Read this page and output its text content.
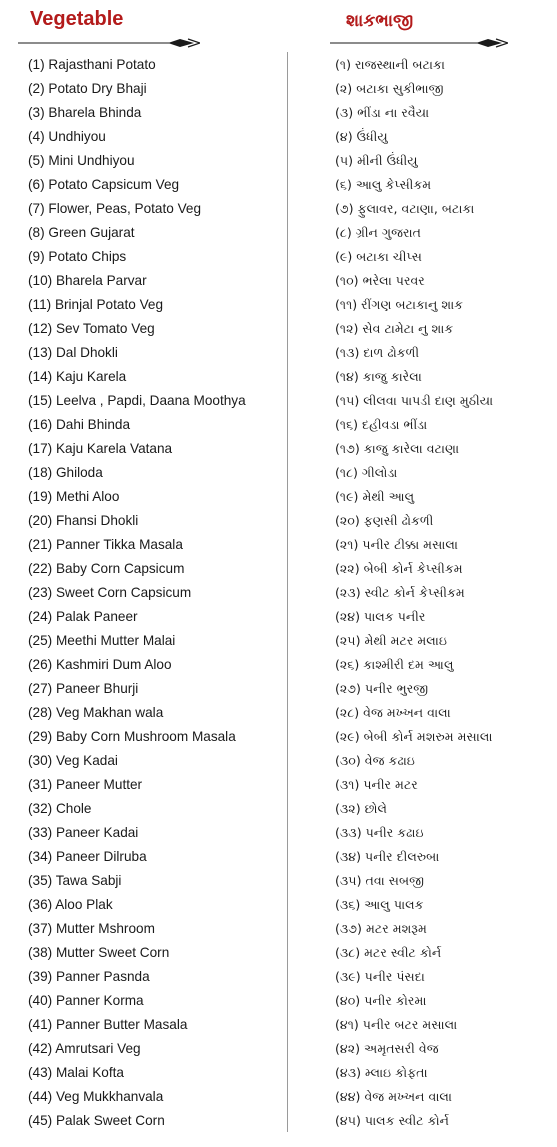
Vegetable	શાકભાજી
(1) Rajasthani Potato
(2) Potato Dry Bhaji
(3) Bharela Bhinda
(4) Undhiyou
(5) Mini Undhiyou
(6) Potato Capsicum Veg
(7) Flower, Peas, Potato Veg
(8) Green Gujarat
(9) Potato Chips
(10) Bharela Parvar
(11) Brinjal Potato Veg
(12) Sev Tomato Veg
(13) Dal Dhokli
(14) Kaju Karela
(15) Leelva , Papdi, Daana Moothya
(16) Dahi Bhinda
(17) Kaju Karela Vatana
(18) Ghiloda
(19) Methi Aloo
(20) Fhansi Dhokli
(21) Panner Tikka Masala
(22) Baby Corn Capsicum
(23) Sweet Corn Capsicum
(24) Palak Paneer
(25) Meethi Mutter Malai
(26) Kashmiri Dum Aloo
(27) Paneer Bhurji
(28) Veg Makhan wala
(29) Baby Corn Mushroom Masala
(30) Veg Kadai
(31) Paneer Mutter
(32) Chole
(33) Paneer Kadai
(34) Paneer Dilruba
(35) Tawa Sabji
(36) Aloo Plak
(37) Mutter Mshroom
(38) Mutter Sweet Corn
(39) Panner Pasnda
(40) Panner Korma
(41) Panner Butter Masala
(42) Amrutsari Veg
(43) Malai Kofta
(44) Veg Mukkhanvala
(45) Palak Sweet Corn
(૧) રાજસ્થાની બટાકા
(૨) બટાકા સુકીભાજી
(૩) ભીંડા ના રવૈયા
(૪) ઉંધીયુ
(૫) મીની ઉંધીયુ
(૬) આલુ કેપ્સીકમ
(૭) ફુલાવર, વટાણા, બટાકા
(૮) ગ્રીન ગુજરાત
(૯) બટાકા ચીપ્સ
(૧૦) ભરેલા પરવર
(૧૧) રીંગણ બટાકાનુ શાક
(૧૨) સેવ ટામેટા નુ શાક
(૧૩) દાળ ઢોકળી
(૧૪) કાજુ કારેલા
(૧૫) લીલવા પાપડી દાણ મુઠીયા
(૧૬) દહીવડા ભીંડા
(૧૭) કાજુ કારેલા વટાણા
(૧૮) ગીલોડા
(૧૯) મેથી આલુ
(૨૦) ફણસી ઢોકળી
(૨૧) પનીર ટીક્કા મસાલા
(૨૨) બેબી કોર્ન કેપ્સીકમ
(૨૩) સ્વીટ કોર્ન કેપ્સીકમ
(૨૪) પાલક પનીર
(૨૫) મેથી મટર મલાઇ
(૨૬) કાશ્મીરી દમ આલુ
(૨૭) પનીર ભુરજી
(૨૮) વેજ મખ્ખન વાલા
(૨૯) બેબી કોર્ન મશરુમ મસાલા
(૩૦) વેજ કઢાઇ
(૩૧) પનીર મટર
(૩૨) છોલે
(૩૩) પનીર કઢાઇ
(૩૪) પનીર દીલરુબા
(૩૫) તવા સબજી
(૩૬) આલુ પાલક
(૩૭) મટર મશરૂમ
(૩૮) મટર સ્વીટ કોર્ન
(૩૯) પનીર પંસદા
(૪૦) પનીર કોરમા
(૪૧) પનીર બટર મસાલા
(૪૨) અમૃતસરી વેજ
(૪૩) મ્લાઇ કોફતા
(૪૪) વેજ મખ્ખન વાલા
(૪૫) પાલક સ્વીટ કોર્ન
